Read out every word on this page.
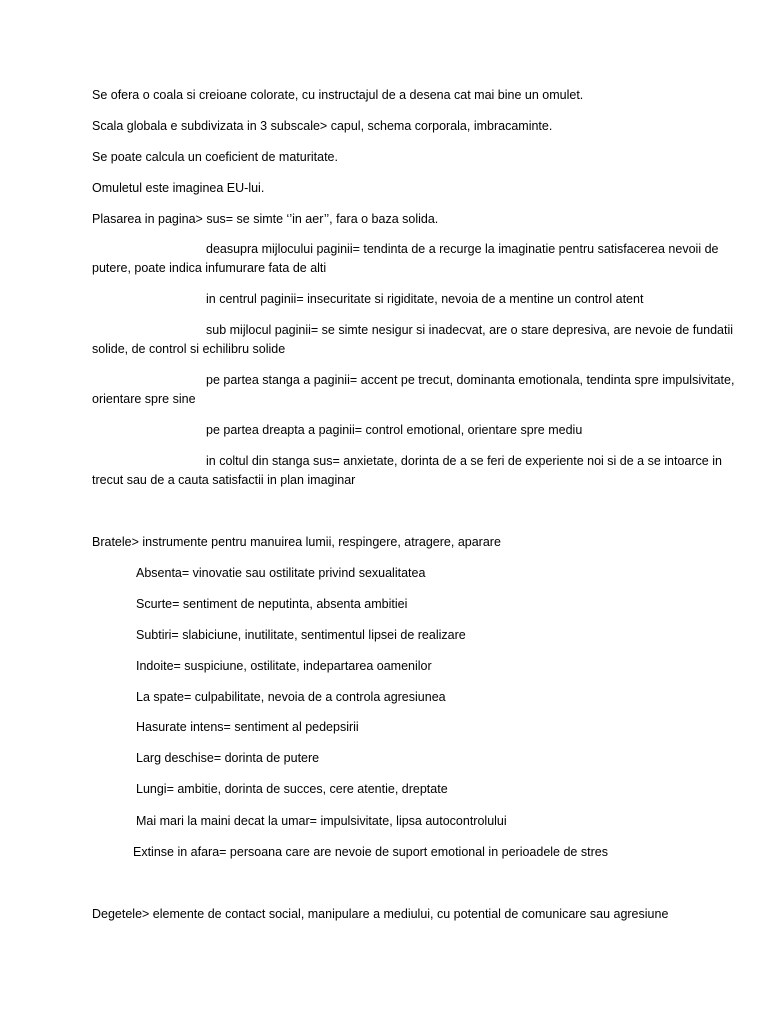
Se ofera o coala si creioane colorate, cu instructajul de a desena cat mai bine un omulet.
Scala globala e subdivizata in 3 subscale> capul, schema corporala, imbracaminte.
Se poate calcula un coeficient de maturitate.
Omuletul este imaginea EU-lui.
Plasarea in pagina> sus= se simte ‘’in aer’’, fara o baza solida.
deasupra mijlocului paginii= tendinta de a recurge la imaginatie pentru satisfacerea nevoii de putere, poate indica infumurare fata de alti
in centrul paginii= insecuritate si rigiditate, nevoia de a mentine un control atent
sub mijlocul paginii= se simte nesigur si inadecvat, are o stare depresiva, are nevoie de fundatii solide, de control si echilibru solide
pe partea stanga a paginii= accent pe trecut, dominanta emotionala, tendinta spre impulsivitate, orientare spre sine
pe partea dreapta a paginii= control emotional, orientare spre mediu
in coltul din stanga sus= anxietate, dorinta de a se feri de experiente noi si de a se intoarce in trecut sau de a cauta satisfactii in plan imaginar
Bratele> instrumente pentru manuirea lumii, respingere, atragere, aparare
Absenta= vinovatie sau ostilitate privind sexualitatea
Scurte= sentiment de neputinta, absenta ambitiei
Subtiri= slabiciune, inutilitate, sentimentul lipsei de realizare
Indoite= suspiciune, ostilitate, indepartarea oamenilor
La spate= culpabilitate, nevoia de a controla agresiunea
Hasurate intens= sentiment al pedepsirii
Larg deschise= dorinta de putere
Lungi= ambitie, dorinta de succes, cere atentie, dreptate
Mai mari la maini decat la umar= impulsivitate, lipsa autocontrolului
Extinse in afara= persoana care are nevoie de suport emotional in perioadele de stres
Degetele> elemente de contact social, manipulare a mediului, cu potential de comunicare sau agresiune
